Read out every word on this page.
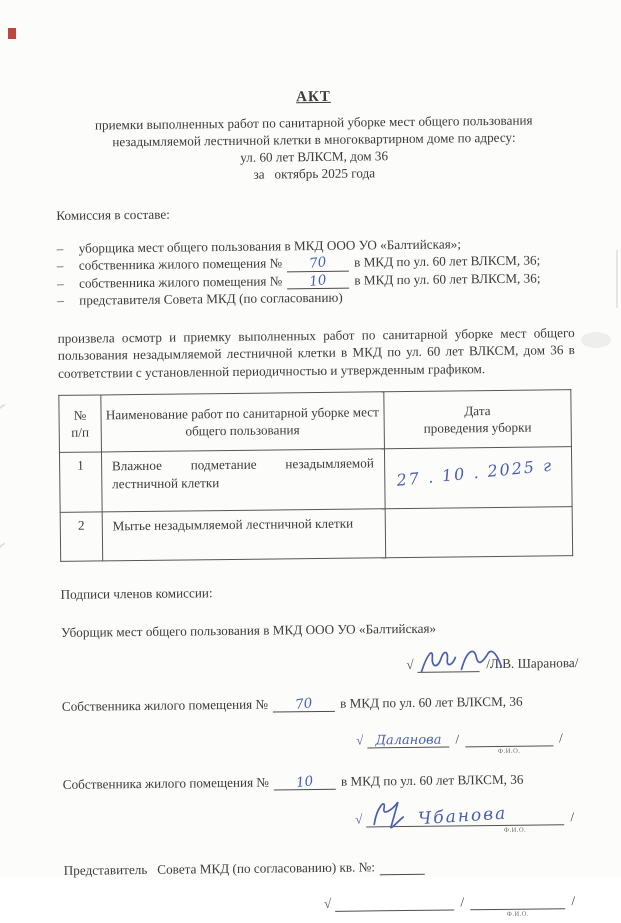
АКТ
приемки выполненных работ по санитарной уборке мест общего пользования
незадымляемой лестничной клетки в многоквартирном доме по адресу:
ул. 60 лет ВЛКСМ, дом 36
за   октябрь 2025 года
Комиссия в составе:
–	уборщика мест общего пользования в МКД ООО УО «Балтийская»;
–	собственника жилого помещения №	70	в МКД по ул. 60 лет ВЛКСМ, 36;
–	собственника жилого помещения №	10	в МКД по ул. 60 лет ВЛКСМ, 36;
–	представителя Совета МКД (по согласованию)

произвела осмотр и приемку выполненных работ по санитарной уборке мест общего пользования незадымляемой лестничной клетки в МКД по ул. 60 лет ВЛКСМ, дом 36 в соответствии с установленной периодичностью и утвержденным графиком.

№
п/п	Наименование работ по санитарной уборке мест общего пользования	Дата
проведения уборки
1	Влажное подметание незадымляемой лестничной клетки	27 . 10 . 2025 г
2	Мытье незадымляемой лестничной клетки	
Подписи членов комиссии:
Уборщик мест общего пользования в МКД ООО УО «Балтийская»
√	/Л.В. Шаранова/
Собственника жилого помещения №	70	в МКД по ул. 60 лет ВЛКСМ, 36
√ Даланова /
Ф.И.О.
/
Собственника жилого помещения №	10	в МКД по ул. 60 лет ВЛКСМ, 36
√	Чбанова
Ф.И.О.
/
Представитель   Совета МКД (по согласованию) кв. №:
√	/
Ф.И.О.
/
